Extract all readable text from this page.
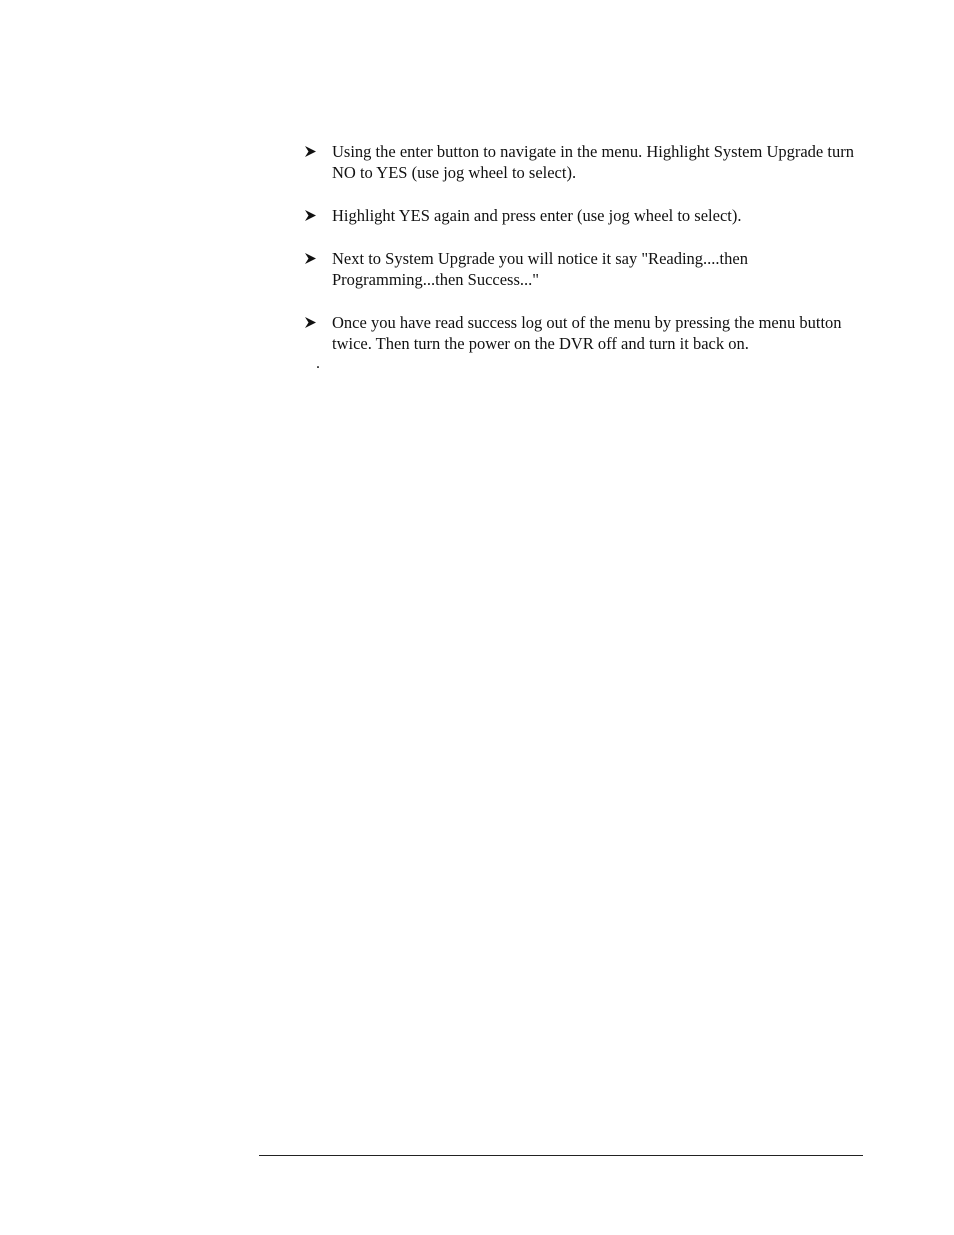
Using the enter button to navigate in the menu. Highlight System Upgrade turn NO to YES (use jog wheel to select).
Highlight YES again and press enter (use jog wheel to select).
Next to System Upgrade you will notice it say "Reading....then Programming...then Success..."
Once you have read success log out of the menu by pressing the menu button twice. Then turn the power on the DVR off and turn it back on.
.
